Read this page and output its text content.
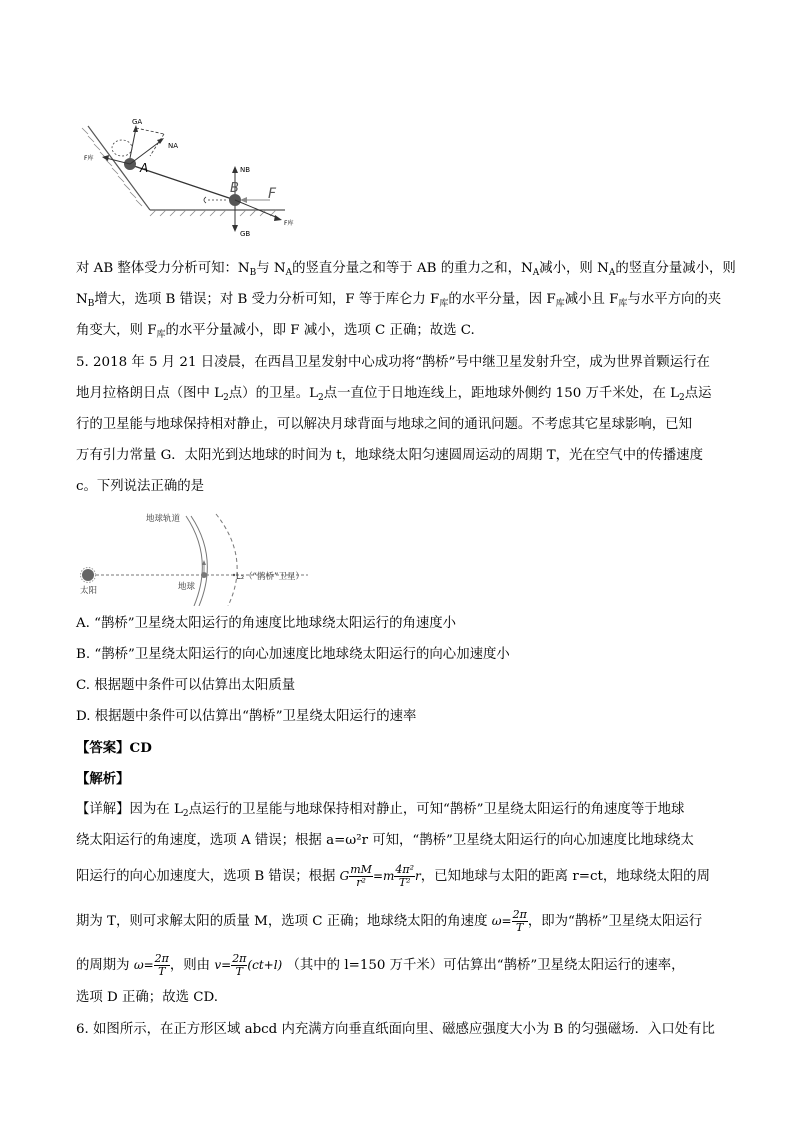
GA
NA
F库
A	NB
B F
GB
F库
对 AB 整体受力分析可知：$N_B$与 $N_A$的竖直分量之和等于 AB 的重力之和，$N_A$减小，则 $N_A$的竖直分量减小，则
$N_B$增大，选项 B 错误；对 B 受力分析可知，F 等于库仑力 $F_库$的水平分量，因 $F_库$减小且 $F_库$与水平方向的夹
角变大，则 $F_库$的水平分量减小，即 F 减小，选项 C 正确；故选 C.
5. 2018 年 5 月 21 日凌晨，在西昌卫星发射中心成功将“鹊桥”号中继卫星发射升空，成为世界首颗运行在
地月拉格朗日点（图中 $L_2$点）的卫星。$L_2$点一直位于日地连线上，距地球外侧约 150 万千米处，在 $L_2$点运
行的卫星能与地球保持相对静止，可以解决月球背面与地球之间的通讯问题。不考虑其它星球影响，已知
万有引力常量 G．太阳光到达地球的时间为 t，地球绕太阳匀速圆周运动的周期 T，光在空气中的传播速度
c。下列说法正确的是
地球轨道
太阳	地球
L₂（“鹊桥”卫星）
A. “鹊桥”卫星绕太阳运行的角速度比地球绕太阳运行的角速度小
B. “鹊桥”卫星绕太阳运行的向心加速度比地球绕太阳运行的向心加速度小
C. 根据题中条件可以估算出太阳质量
D. 根据题中条件可以估算出“鹊桥”卫星绕太阳运行的速率
【答案】CD
【解析】
【详解】因为在 $L_2$点运行的卫星能与地球保持相对静止，可知“鹊桥”卫星绕太阳运行的角速度等于地球
绕太阳运行的角速度，选项 A 错误；根据 a=ω²r 可知，“鹊桥”卫星绕太阳运行的向心加速度比地球绕太
阳运行的向心加速度大，选项 B 错误；根据 G $\frac{mM}{\text{r²}} =m \frac{\text{4π²}}{\text{T²}}$ r，已知地球与太阳的距离 r=ct，地球绕太阳的周
期为 T，则可求解太阳的质量 M，选项 C 正确；地球绕太阳的角速度 $\omega= \frac{2\pi}{T}$ ，即为“鹊桥”卫星绕太阳运行
的周期为 $\omega= \frac{2\pi}{T}$ ，则由 $v= \frac{2\pi}{T} (ct+l)$ （其中的 l=150 万千米）可估算出“鹊桥”卫星绕太阳运行的速率，
选项 D 正确；故选 CD.
6. 如图所示，在正方形区域 abcd 内充满方向垂直纸面向里、磁感应强度大小为 B 的匀强磁场．入口处有比
